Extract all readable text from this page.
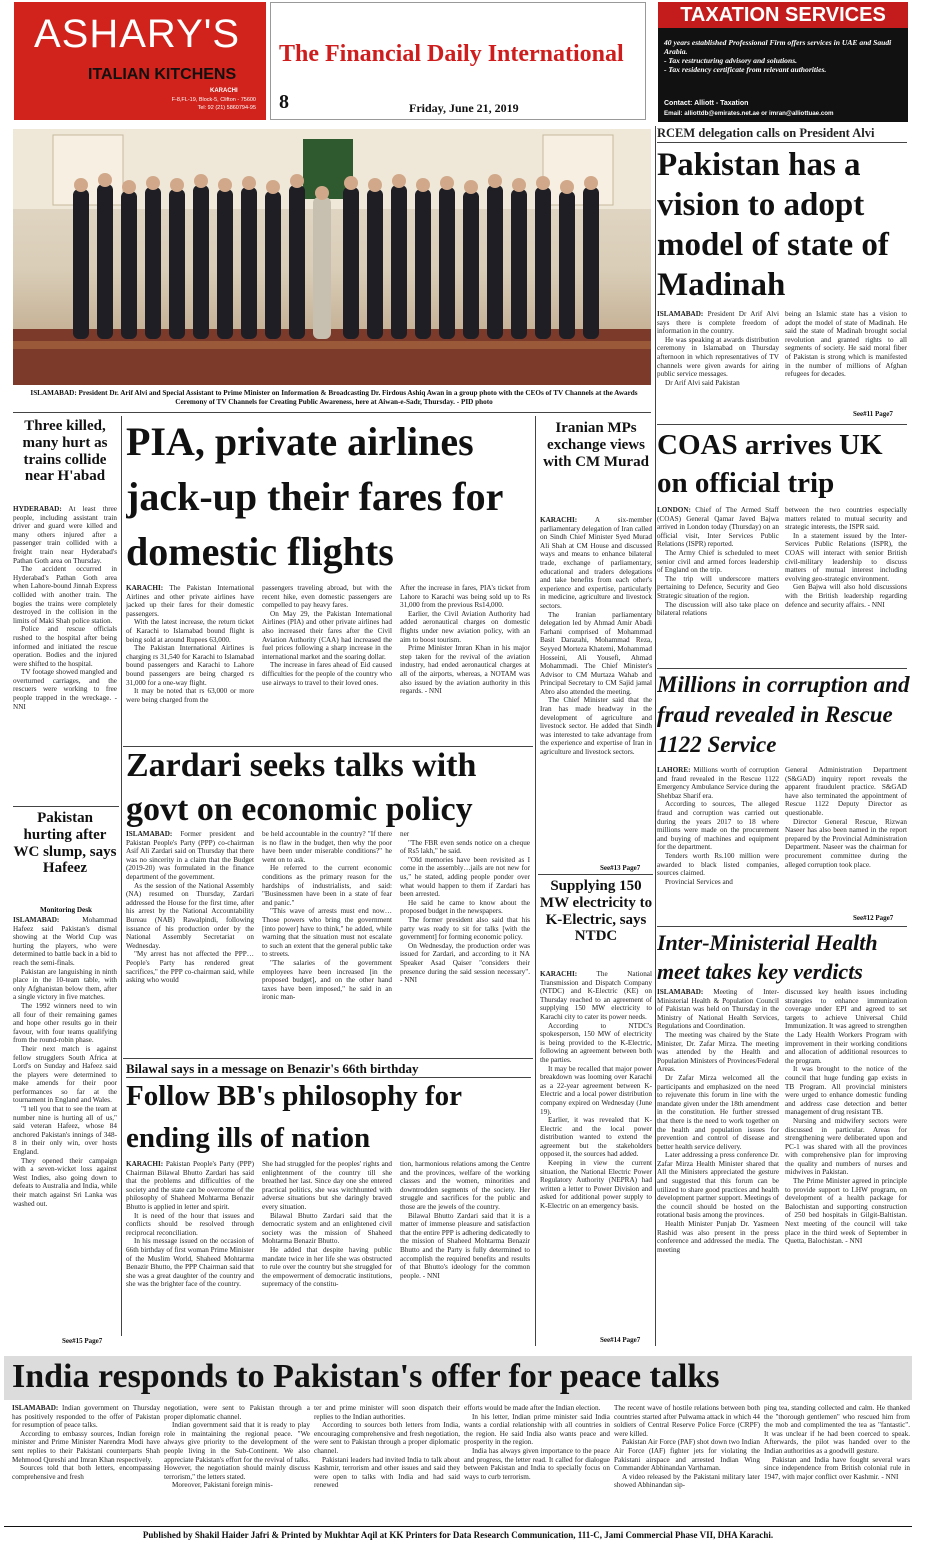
ASHARY'S
ITALIAN KITCHENS
KARACHI
F-8,FL-19, Block-5, Clifton - 75600
Tel: 92 (21) 5860794-95
The Financial Daily International
8	Friday, June 21, 2019
TAXATION SERVICES
40 years established Professional Firm offers services in UAE and Saudi Arabia.
- Tax restructuring advisory and solutions.
- Tax residency certificate from relevant authorities.
Contact: Alliott - Taxation
Email: alliottdb@emirates.net.ae or imran@alliottuae.com
ISLAMABAD: President Dr. Arif Alvi and Special Assistant to Prime Minister on Information & Broadcasting Dr. Firdous Ashiq Awan in a group photo with the CEOs of TV Channels at the Awards Ceremony of TV Channels for Creating Public Awareness, here at Aiwan-e-Sadr, Thursday. - PID photo
RCEM delegation calls on President Alvi
Pakistan has a vision to adopt model of state of Madinah

ISLAMABAD: President Dr Arif Alvi says there is complete freedom of information in the country.

He was speaking at awards distribution ceremony in Islamabad on Thursday afternoon in which representatives of TV channels were given awards for airing public service messages.

Dr Arif Alvi said Pakistan

being an Islamic state has a vision to adopt the model of state of Madinah. He said the state of Madinah brought social revolution and granted rights to all segments of society. He said moral fiber of Pakistan is strong which is manifested in the number of millions of Afghan refugees for decades.

See#11 Page7
Three killed, many hurt as trains collide near H'abad

HYDERABAD: At least three people, including assistant train driver and guard were killed and many others injured after a passenger train collided with a freight train near Hyderabad's Pathan Goth area on Thursday.

The accident occurred in Hyderabad's Pathan Goth area when Lahore-bound Jinnah Express collided with another train. The bogies the trains were completely destroyed in the collision in the limits of Maki Shah police station.

Police and rescue officials rushed to the hospital after being informed and initiated the rescue operation. Bodies and the injured were shifted to the hospital.

TV footage showed mangled and overturned carriages, and the rescuers were working to free people trapped in the wreckage. - NNI

PIA, private airlines jack-up their fares for domestic flights

KARACHI: The Pakistan International Airlines and other private airlines have jacked up their fares for their domestic passengers.

With the latest increase, the return ticket of Karachi to Islamabad bound flight is being sold at around Rupees 63,000.

The Pakistan International Airlines is charging rs 31,540 for Karachi to Islamabad bound passengers and Karachi to Lahore bound passengers are being charged rs 31,000 for a one-way flight.

It may be noted that rs 63,000 or more were being charged from the

passengers traveling abroad, but with the recent hike, even domestic passengers are compelled to pay heavy fares.

On May 29, the Pakistan International Airlines (PIA) and other private airlines had also increased their fares after the Civil Aviation Authority (CAA) had increased the fuel prices following a sharp increase in the international market and the soaring dollar.

The increase in fares ahead of Eid caused difficulties for the people of the country who use airways to travel to their loved ones.

After the increase in fares, PIA's ticket from Lahore to Karachi was being sold up to Rs 31,000 from the previous Rs14,000.

Earlier, the Civil Aviation Authority had added aeronautical charges on domestic flights under new aviation policy, with an aim to boost tourism.

Prime Minister Imran Khan in his major step taken for the revival of the aviation industry, had ended aeronautical charges at all of the airports, whereas, a NOTAM was also issued by the aviation authority in this regards. - NNI

Iranian MPs exchange views with CM Murad

KARACHI: A six-member parliamentary delegation of Iran called on Sindh Chief Minister Syed Murad Ali Shah at CM House and discussed ways and means to enhance bilateral trade, exchange of parliamentary, educational and traders delegations and take benefits from each other's experience and expertise, particularly in medicine, agriculture and livestock sectors.

The Iranian parliamentary delegation led by Ahmad Amir Abadi Farhani comprised of Mohammad Basit Darazahi, Mohammad Reza, Seyyed Morteza Khatemi, Mohammad Hosseini, Ali Yousefi, Ahmad Mohammadi. The Chief Minister's Advisor to CM Murtaza Wahab and Principal Secretary to CM Sajid jamal Abro also attended the meeting.

The Chief Minister said that the Iran has made headway in the development of agriculture and livestock sector. He added that Sindh was interested to take advantage from the experience and expertise of Iran in agriculture and livestock sectors.

See#13 Page7
COAS arrives UK on official trip

LONDON: Chief of The Armed Staff (COAS) General Qamar Javed Bajwa arrived in London today (Thursday) on an official visit, Inter Services Public Relations (ISPR) reported.

The Army Chief is scheduled to meet senior civil and armed forces leadership of England on the trip.

The trip will underscore matters pertaining to Defence, Security and Geo Strategic situation of the region.

The discussion will also take place on bilateral relations

between the two countries especially matters related to mutual security and strategic interests, the ISPR said.

In a statement issued by the Inter-Services Public Relations (ISPR), the COAS will interact with senior British civil-military leadership to discuss matters of mutual interest including evolving geo-strategic environment.

Gen Bajwa will also hold discussions with the British leadership regarding defence and security affairs. - NNI

Millions in corruption and fraud revealed in Rescue 1122 Service

LAHORE: Millions worth of corruption and fraud revealed in the Rescue 1122 Emergency Ambulance Service during the Shehbaz Sharif era.

According to sources, The alleged fraud and corruption was carried out during the years 2017 to 18 where millions were made on the procurement and buying of machines and equipment for the department.

Tenders worth Rs.100 million were awarded to black listed companies, sources claimed.

Provincial Services and

General Administration Department (S&GAD) inquiry report reveals the apparent fraudulent practice. S&GAD have also terminated the appointment of Rescue 1122 Deputy Director as questionable.

Director General Rescue, Rizwan Naseer has also been named in the report prepared by the Provincial Administration Department. Naseer was the chairman for procurement committee during the alleged corruption took place.

See#12 Page7
Zardari seeks talks with govt on economic policy

ISLAMABAD: Former president and Pakistan People's Party (PPP) co-chairman Asif Ali Zardari said on Thursday that there was no sincerity in a claim that the Budget (2019-20) was formulated in the finance department of the government.

As the session of the National Assembly (NA) resumed on Thursday, Zardari addressed the House for the first time, after his arrest by the National Accountability Bureau (NAB) Rawalpindi, following issuance of his production order by the National Assembly Secretariat on Wednesday.

"My arrest has not affected the PPP…People's Party has rendered great sacrifices," the PPP co-chairman said, while asking who would

be held accountable in the country? "If there is no flaw in the budget, then why the poor have been under miserable conditions?" he went on to ask.

He referred to the current economic conditions as the primary reason for the hardships of industrialists, and said: "Businessmen have been in a state of fear and panic."

"This wave of arrests must end now…Those powers who bring the government [into power] have to think," he added, while warning that the situation must not escalate to such an extent that the general public take to streets.

"The salaries of the government employees have been increased [in the proposed budget], and on the other hand taxes have been imposed," he said in an ironic man-

ner

"The FBR even sends notice on a cheque of Rs5 lakh," he said.

"Old memories have been revisited as I come in the assembly…jails are not new for us," he stated, adding people ponder over what would happen to them if Zardari has been arrested.

He said he came to know about the proposed budget in the newspapers.

The former president also said that his party was ready to sit for talks [with the government] for forming economic policy.

On Wednesday, the production order was issued for Zardari, and according to it NA Speaker Asad Qaiser "considers their presence during the said session necessary". - NNI

Pakistan hurting after WC slump, says Hafeez
Monitoring Desk

ISLAMABAD:	Mohammad Hafeez said Pakistan's dismal showing at the World Cup was hurting the players, who were determined to battle back in a bid to reach the semi-finals.

Pakistan are languishing in ninth place in the 10-team table, with only Afghanistan below them, after a single victory in five matches.

The 1992 winners need to win all four of their remaining games and hope other results go in their favour, with four teams qualifying from the round-robin phase.

Their next match is against fellow strugglers South Africa at Lord's on Sunday and Hafeez said the players were determined to make amends for their poor performances so far at the tournament in England and Wales.

"I tell you that to see the team at number nine is hurting all of us," said veteran Hafeez, whose 84 anchored Pakistan's innings of 348-8 in their only win, over hosts England.

They opened their campaign with a seven-wicket loss against West Indies, also going down to defeats to Australia and India, while their match against Sri Lanka was washed out.

See#15 Page7
Supplying 150 MW electricity to K-Electric, says NTDC

KARACHI:	The National Transmission and Dispatch Company (NTDC) and K-Electric (KE) on Thursday reached to an agreement of supplying 150 MW electricity to Karachi city to cater its power needs.

According to NTDC's spokesperson, 150 MW of electricity is being provided to the K-Electric, following an agreement between both the parties.

It may be recalled that major power breakdown was looming over Karachi as a 22-year agreement between K-Electric and a local power distribution company expired on Wednesday (June 19).

Earlier, it was revealed that K-Electric and the local power distribution wanted to extend the agreement but the stakeholders opposed it, the sources had added.

Keeping in view the current situation, the National Electric Power Regulatory Authority (NEPRA) had written a letter to Power Division and asked for additional power supply to K-Electric on an emergency basis.

See#14 Page7
Bilawal says in a message on Benazir's 66th birthday
Follow BB's philosophy for ending ills of nation

KARACHI: Pakistan People's Party (PPP) Chairman Bilawal Bhutto Zardari has said that the problems and difficulties of the society and the state can be overcome of the philosophy of Shaheed Mohtarma Benazir Bhutto is applied in letter and spirit.

It is need of the hour that issues and conflicts should be resolved through reciprocal reconciliation.

In his message issued on the occasion of 66th birthday of first woman Prime Minister of the Muslim World, Shaheed Mohtarma Benazir Bhutto, the PPP Chairman said that she was a great daughter of the country and she was the brighter face of the country.

She had struggled for the peoples' rights and enlightenment of the country till she breathed her last. Since day one she entered practical politics, she was witchhunted with adverse situations but she daringly braved every situation.

Bilawal Bhutto Zardari said that the democratic system and an enlightened civil society was the mission of Shaheed Mohtarma Benazir Bhutto.

He added that despite having public mandate twice in her life she was obstructed to rule over the country but she struggled for the empowerment of democratic institutions, supremacy of the constitu-

tion, harmonious relations among the Centre and the provinces, welfare of the working classes and the women, minorities and downtrodden segments of the society. Her struggle and sacrifices for the public and those are the jewels of the country.

Bilawal Bhutto Zardari said that it is a matter of immense pleasure and satisfaction that the entire PPP is adhering dedicatedly to the mission of Shaheed Mohtarma Benazir Bhutto and the Party is fully determined to accomplish the required benefits and results of that Bhutto's ideology for the common people. - NNI

Inter-Ministerial Health meet takes key verdicts

ISLAMABAD: Meeting of Inter-Ministerial Health & Population Council of Pakistan was held on Thursday in the Ministry of National Health Services, Regulations and Coordination.

The meeting was chaired by the State Minister, Dr. Zafar Mirza. The meeting was attended by the Health and Population Ministers of Provinces/Federal Areas.

Dr Zafar Mirza welcomed all the participants and emphasized on the need to rejuvenate this forum in line with the mandate given under the 18th amendment in the constitution. He further stressed that there is the need to work together on the health and population issues for prevention and control of disease and better health service delivery.

Later addressing a press conference Dr. Zafar Mirza Health Minister shared that All the Ministers appreciated the gesture and suggested that this forum can be utilized to share good practices and health development partner support. Meetings of the council should be hosted on the rotational basis among the provinces.

Health Minister Punjab Dr. Yasmeen Rashid was also present in the press conference and addressed the media. The meeting

discussed key health issues including strategies to enhance immunization coverage under EPI and agreed to set targets to achieve Universal Child Immunization. It was agreed to strengthen the Lady Health Workers Program with improvement in their working conditions and allocation of additional resources to the program.

It was brought to the notice of the council that huge funding gap exists in TB Program. All provincial ministers were urged to enhance domestic funding and address case detection and better management of drug resistant TB.

Nursing and midwifery sectors were discussed in particular. Areas for strengthening were deliberated upon and PC-1 was shared with all the provinces with comprehensive plan for improving the quality and numbers of nurses and midwives in Pakistan.

The Prime Minister agreed in principle to provide support to LHW program, on development of a health package for Balochistan and supporting construction of 250 bed hospitals in Gilgit-Baltistan. Next meeting of the council will take place in the third week of September in Quetta, Balochistan. - NNI

India responds to Pakistan's offer for peace talks

ISLAMABAD: Indian government on Thursday has positively responded to the offer of Pakistan for resumption of peace talks.

According to embassy sources, Indian foreign minister and Prime Minister Narendra Modi have sent replies to their Pakistani counterparts Shah Mehmood Qureshi and Imran Khan respectively.

Sources told that both letters, encompassing comprehensive and fresh

negotiation, were sent to Pakistan through a proper diplomatic channel.

Indian government said that it is ready to play role in maintaining the regional peace. "We always give priority to the development of the people living in the Sub-Continent. We also appreciate Pakistan's effort for the revival of talks. However, the negotiation should mainly discuss terrorism," the letters stated.

Moreover, Pakistani foreign minis-

ter and prime minister will soon dispatch their replies to the Indian authorities.

According to sources both letters from India, encouraging comprehensive and fresh negotiation, were sent to Pakistan through a proper diplomatic channel.

Pakistani leaders had invited India to talk about Kashmir, terrorism and other issues and said they were open to talks with India and had said renewed

efforts would be made after the Indian election.

In his letter, Indian prime minister said India wants a cordial relationship with all countries in the region. He said India also wants peace and prosperity in the region.

India has always given importance to the peace and progress, the letter read. It called for dialogue between Pakistan and India to specially focus on ways to curb terrorism.

The recent wave of hostile relations between both countries started after Pulwama attack in which 44 soldiers of Central Reserve Police Force (CRPF) were killed.

Pakistan Air Force (PAF) shot down two Indian Air Force (IAF) fighter jets for violating the Pakistani airspace and arrested Indian Wing Commander Abhinandan Varthaman.

A video released by the Pakistani military later showed Abhinandan sip-

ping tea, standing collected and calm. He thanked the "thorough gentlemen" who rescued him from the mob and complimented the tea as "fantastic". It was unclear if he had been coerced to speak. Afterwards, the pilot was handed over to the Indian authorities as a goodwill gesture.

Pakistan and India have fought several wars since independence from British colonial rule in 1947, with major conflict over Kashmir. - NNI

Published by Shakil Haider Jafri & Printed by Mukhtar Aqil at KK Printers for Data Research Communication, 111-C, Jami Commercial Phase VII, DHA Karachi.
